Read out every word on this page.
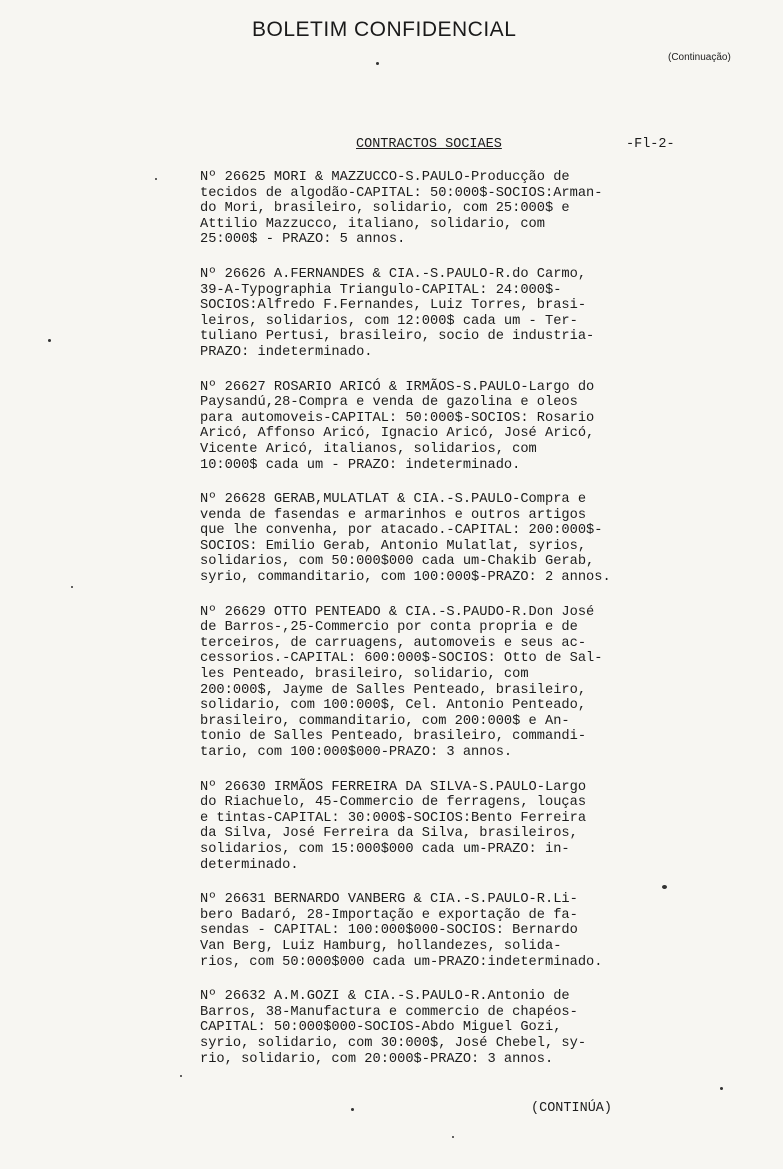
BOLETIM CONFIDENCIAL
(Continuação)
CONTRACTOS SOCIAES	-Fl-2-
Nº 26625 MORI & MAZZUCCO-S.PAULO-Producção de
tecidos de algodão-CAPITAL: 50:000$-SOCIOS:Arman-
do Mori, brasileiro, solidario, com 25:000$ e
Attilio Mazzucco, italiano, solidario, com
25:000$ - PRAZO: 5 annos.
Nº 26626 A.FERNANDES & CIA.-S.PAULO-R.do Carmo,
39-A-Typographia Triangulo-CAPITAL: 24:000$-
SOCIOS:Alfredo F.Fernandes, Luiz Torres, brasi-
leiros, solidarios, com 12:000$ cada um - Ter-
tuliano Pertusi, brasileiro, socio de industria-
PRAZO: indeterminado.
Nº 26627 ROSARIO ARICÓ & IRMÃOS-S.PAULO-Largo do
Paysandú,28-Compra e venda de gazolina e oleos
para automoveis-CAPITAL: 50:000$-SOCIOS: Rosario
Aricó, Affonso Aricó, Ignacio Aricó, José Aricó,
Vicente Aricó, italianos, solidarios, com
10:000$ cada um - PRAZO: indeterminado.
Nº 26628 GERAB,MULATLAT & CIA.-S.PAULO-Compra e
venda de fasendas e armarinhos e outros artigos
que lhe convenha, por atacado.-CAPITAL: 200:000$-
SOCIOS: Emilio Gerab, Antonio Mulatlat, syrios,
solidarios, com 50:000$000 cada um-Chakib Gerab,
syrio, commanditario, com 100:000$-PRAZO: 2 annos.
Nº 26629 OTTO PENTEADO & CIA.-S.PAUDO-R.Don José
de Barros-,25-Commercio por conta propria e de
terceiros, de carruagens, automoveis e seus ac-
cessorios.-CAPITAL: 600:000$-SOCIOS: Otto de Sal-
les Penteado, brasileiro, solidario, com
200:000$, Jayme de Salles Penteado, brasileiro,
solidario, com 100:000$, Cel. Antonio Penteado,
brasileiro, commanditario, com 200:000$ e An-
tonio de Salles Penteado, brasileiro, commandi-
tario, com 100:000$000-PRAZO: 3 annos.
Nº 26630 IRMÃOS FERREIRA DA SILVA-S.PAULO-Largo
do Riachuelo, 45-Commercio de ferragens, louças
e tintas-CAPITAL: 30:000$-SOCIOS:Bento Ferreira
da Silva, José Ferreira da Silva, brasileiros,
solidarios, com 15:000$000 cada um-PRAZO: in-
determinado.
Nº 26631 BERNARDO VANBERG & CIA.-S.PAULO-R.Li-
bero Badaró, 28-Importação e exportação de fa-
sendas - CAPITAL: 100:000$000-SOCIOS: Bernardo
Van Berg, Luiz Hamburg, hollandezes, solida-
rios, com 50:000$000 cada um-PRAZO:indeterminado.
Nº 26632 A.M.GOZI & CIA.-S.PAULO-R.Antonio de
Barros, 38-Manufactura e commercio de chapéos-
CAPITAL: 50:000$000-SOCIOS-Abdo Miguel Gozi,
syrio, solidario, com 30:000$, José Chebel, sy-
rio, solidario, com 20:000$-PRAZO: 3 annos.
(CONTINÚA)
